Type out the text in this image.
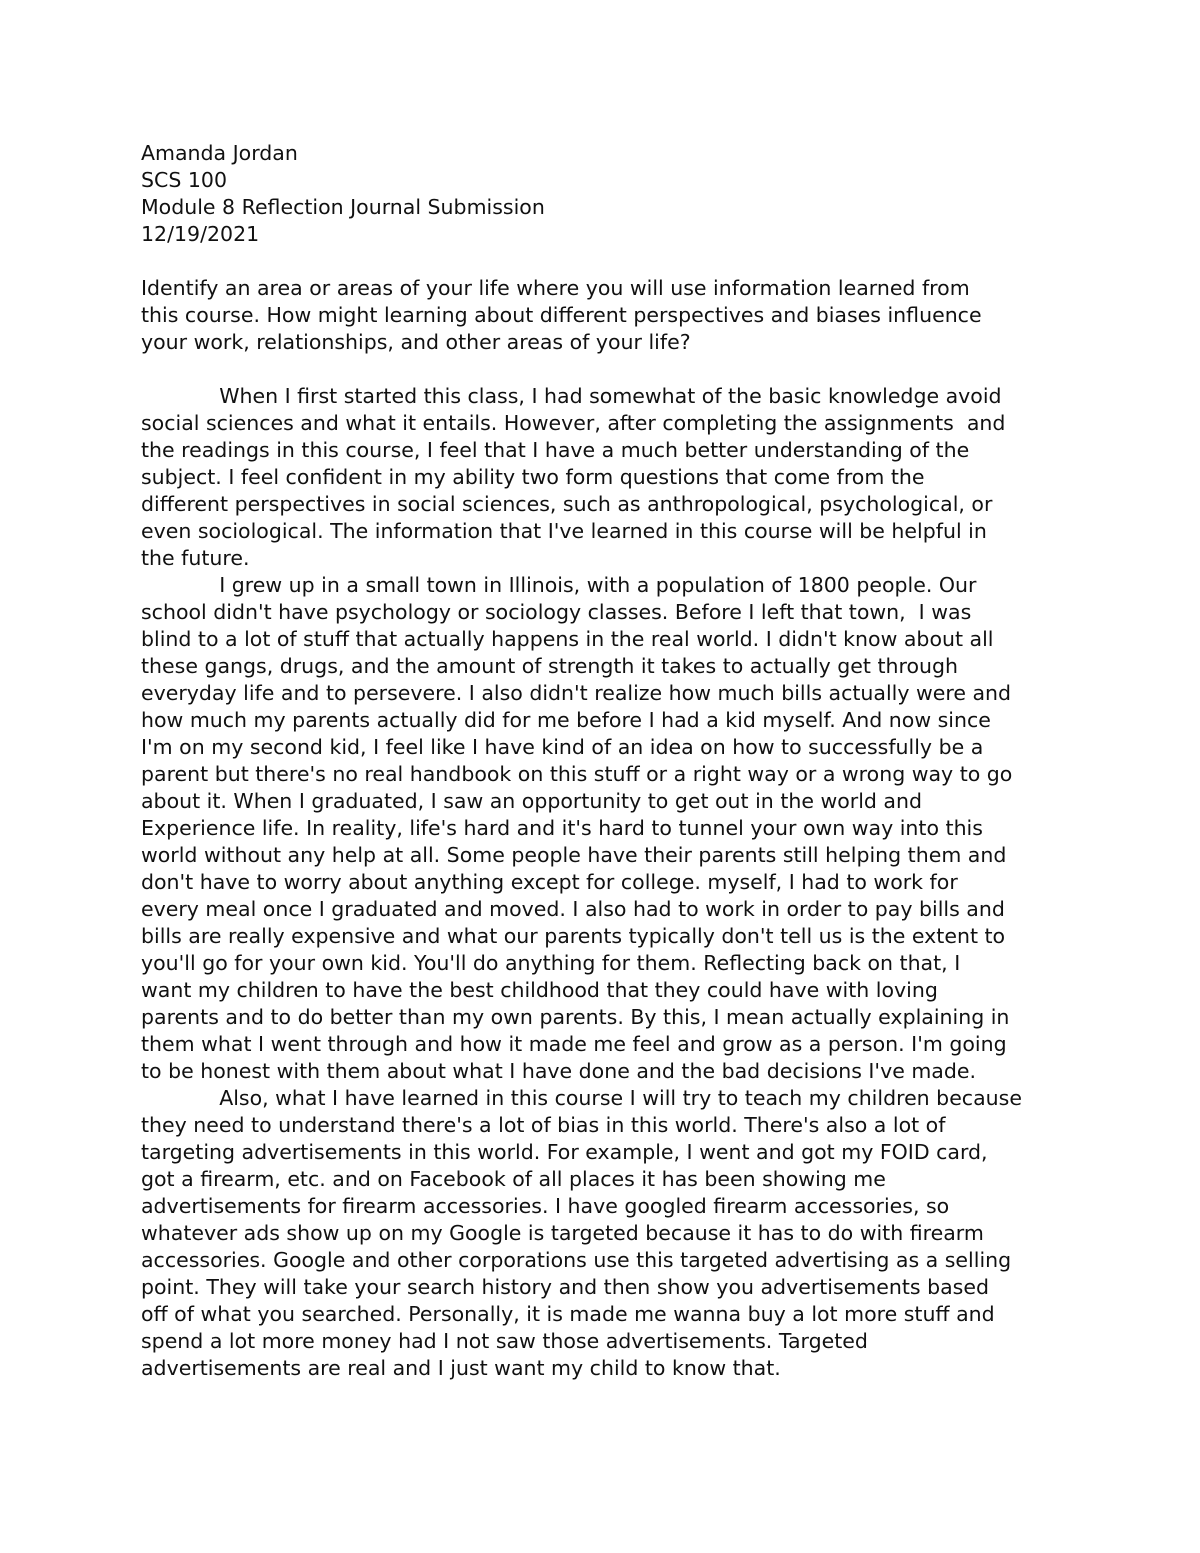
Amanda Jordan
SCS 100
Module 8 Reflection Journal Submission
12/19/2021
Identify an area or areas of your life where you will use information learned from
this course. How might learning about different perspectives and biases influence
your work, relationships, and other areas of your life?
When I first started this class, I had somewhat of the basic knowledge avoid
social sciences and what it entails. However, after completing the assignments  and
the readings in this course, I feel that I have a much better understanding of the
subject. I feel confident in my ability two form questions that come from the
different perspectives in social sciences, such as anthropological, psychological, or
even sociological. The information that I've learned in this course will be helpful in
the future.
I grew up in a small town in Illinois, with a population of 1800 people. Our
school didn't have psychology or sociology classes. Before I left that town,  I was
blind to a lot of stuff that actually happens in the real world. I didn't know about all
these gangs, drugs, and the amount of strength it takes to actually get through
everyday life and to persevere. I also didn't realize how much bills actually were and
how much my parents actually did for me before I had a kid myself. And now since
I'm on my second kid, I feel like I have kind of an idea on how to successfully be a
parent but there's no real handbook on this stuff or a right way or a wrong way to go
about it. When I graduated, I saw an opportunity to get out in the world and
Experience life. In reality, life's hard and it's hard to tunnel your own way into this
world without any help at all. Some people have their parents still helping them and
don't have to worry about anything except for college. myself, I had to work for
every meal once I graduated and moved. I also had to work in order to pay bills and
bills are really expensive and what our parents typically don't tell us is the extent to
you'll go for your own kid. You'll do anything for them. Reflecting back on that, I
want my children to have the best childhood that they could have with loving
parents and to do better than my own parents. By this, I mean actually explaining in
them what I went through and how it made me feel and grow as a person. I'm going
to be honest with them about what I have done and the bad decisions I've made.
Also, what I have learned in this course I will try to teach my children because
they need to understand there's a lot of bias in this world. There's also a lot of
targeting advertisements in this world. For example, I went and got my FOID card,
got a firearm, etc. and on Facebook of all places it has been showing me
advertisements for firearm accessories. I have googled firearm accessories, so
whatever ads show up on my Google is targeted because it has to do with firearm
accessories. Google and other corporations use this targeted advertising as a selling
point. They will take your search history and then show you advertisements based
off of what you searched. Personally, it is made me wanna buy a lot more stuff and
spend a lot more money had I not saw those advertisements. Targeted
advertisements are real and I just want my child to know that.
